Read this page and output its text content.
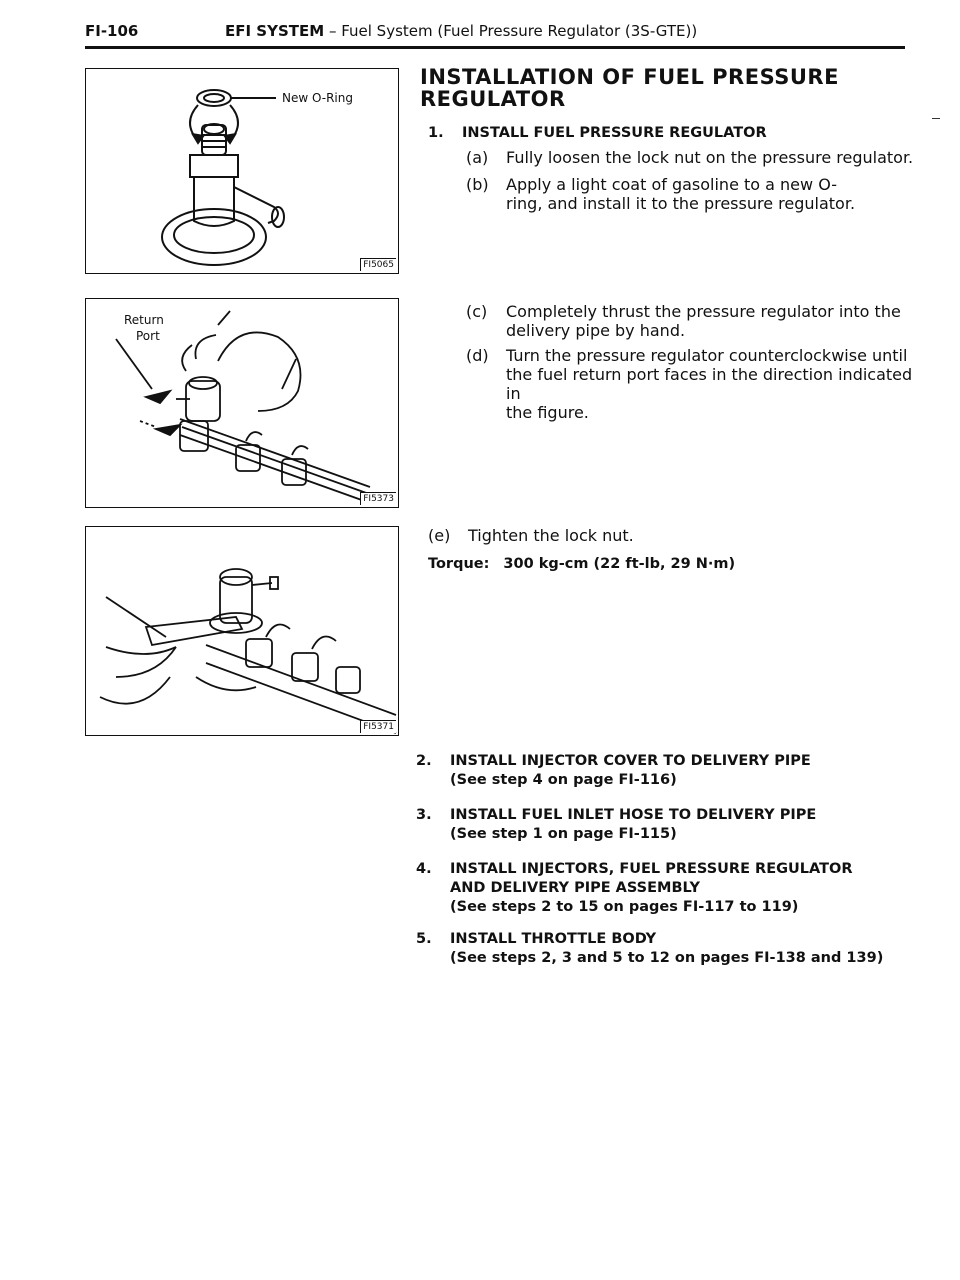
FI-106	EFI SYSTEM – Fuel System (Fuel Pressure Regulator (3S-GTE))
New O-Ring
FI5065
Return
Port
FI5373
FI5371
INSTALLATION OF FUEL PRESSURE
REGULATOR
1. INSTALL FUEL PRESSURE REGULATOR
(a) Fully loosen the lock nut on the pressure regulator.
(b) Apply a light coat of gasoline to a new O-
ring, and install it to the pressure regulator.
(c) Completely thrust the pressure regulator into the
delivery pipe by hand.
(d) Turn the pressure regulator counterclockwise until
the fuel return port faces in the direction indicated in
the figure.
(e) Tighten the lock nut.
Torque: 300 kg-cm (22 ft-lb, 29 N·m)
2. INSTALL INJECTOR COVER TO DELIVERY PIPE
(See step 4 on page FI-116)
3. INSTALL FUEL INLET HOSE TO DELIVERY PIPE
(See step 1 on page FI-115)
4. INSTALL INJECTORS, FUEL PRESSURE REGULATOR
AND DELIVERY PIPE ASSEMBLY
(See steps 2 to 15 on pages FI-117 to 119)
5. INSTALL THROTTLE BODY
(See steps 2, 3 and 5 to 12 on pages FI-138 and 139)
